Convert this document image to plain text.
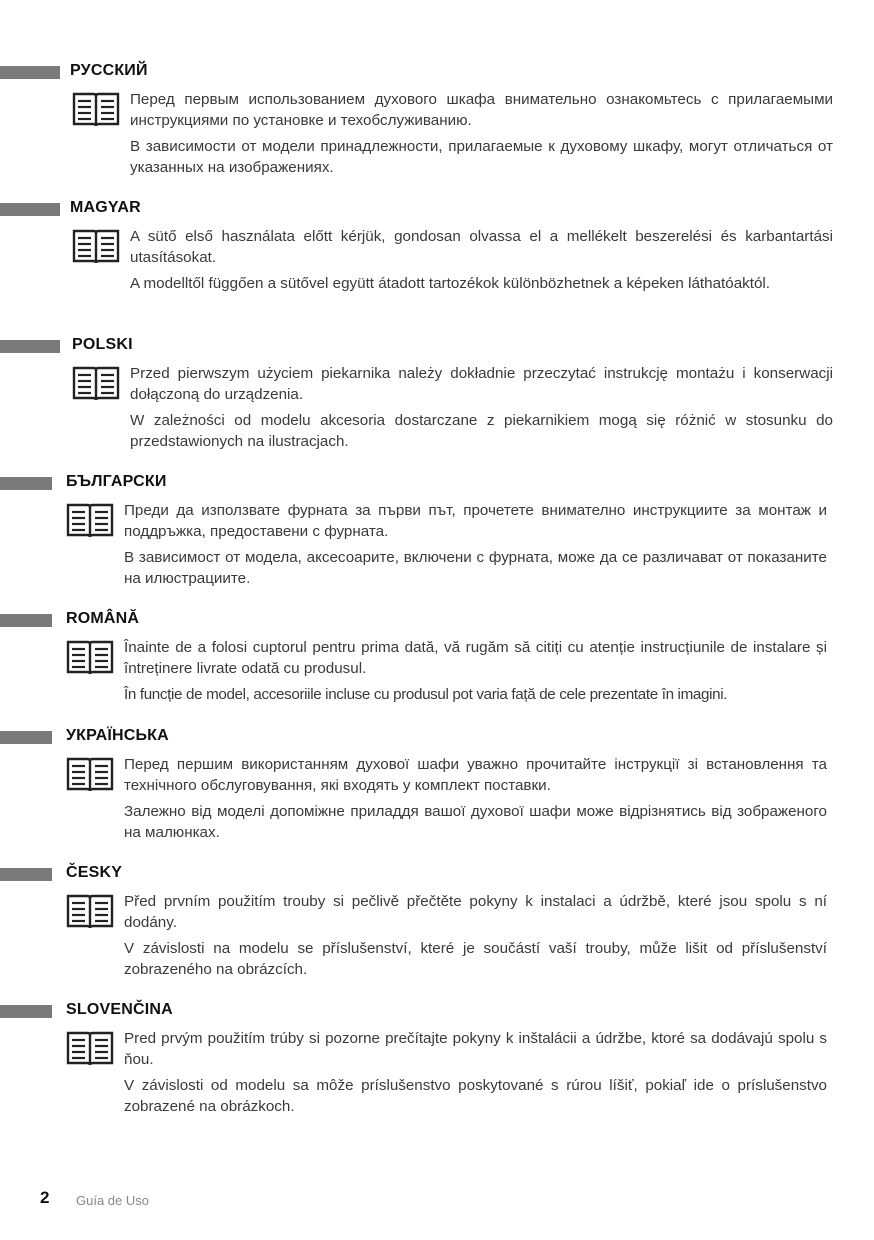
РУССКИЙ

Перед первым использованием духового шкафа внимательно ознакомьтесь с прилагаемыми инструкциями по установке и техобслуживанию.

В зависимости от модели принадлежности, прилагаемые к духовому шкафу, могут отличаться от указанных на изображениях.

MAGYAR

A sütő első használata előtt kérjük, gondosan olvassa el a mellékelt beszerelési és karbantartási utasításokat.

A modelltől függően a sütővel együtt átadott tartozékok különbözhetnek a képeken láthatóaktól.

POLSKI

Przed pierwszym użyciem piekarnika należy dokładnie przeczytać instrukcję montażu i konserwacji dołączoną do urządzenia.

W zależności od modelu akcesoria dostarczane z piekarnikiem mogą się różnić w stosunku do przedstawionych na ilustracjach.

БЪЛГАРСКИ

Преди да използвате фурната за първи път, прочетете внимателно инструкциите за монтаж и поддръжка, предоставени с фурната.

В зависимост от модела, аксесоарите, включени с фурната, може да се различават от показаните на илюстрациите.

ROMÂNĂ

Înainte de a folosi cuptorul pentru prima dată, vă rugăm să citiți cu atenție instrucțiunile de instalare și întreținere livrate odată cu produsul.

În funcție de model, accesoriile incluse cu produsul pot varia față de cele prezentate în imagini.

УКРАЇНСЬКА

Перед першим використанням духової шафи уважно прочитайте інструкції зі встановлення та технічного обслуговування, які входять у комплект поставки.

Залежно від моделі допоміжне приладдя вашої духової шафи може відрізнятись від зображеного на малюнках.

ČESKY

Před prvním použitím trouby si pečlivě přečtěte pokyny k instalaci a údržbě, které jsou spolu s ní dodány.

V závislosti na modelu se příslušenství, které je součástí vaší trouby, může lišit od příslušenství zobrazeného na obrázcích.

SLOVENČINA

Pred prvým použitím trúby si pozorne prečítajte pokyny k inštalácii a údržbe, ktoré sa dodávajú spolu s ňou.

V závislosti od modelu sa môže príslušenstvo poskytované s rúrou líšiť, pokiaľ ide o príslušenstvo zobrazené na obrázkoch.

2 Guía de Uso
